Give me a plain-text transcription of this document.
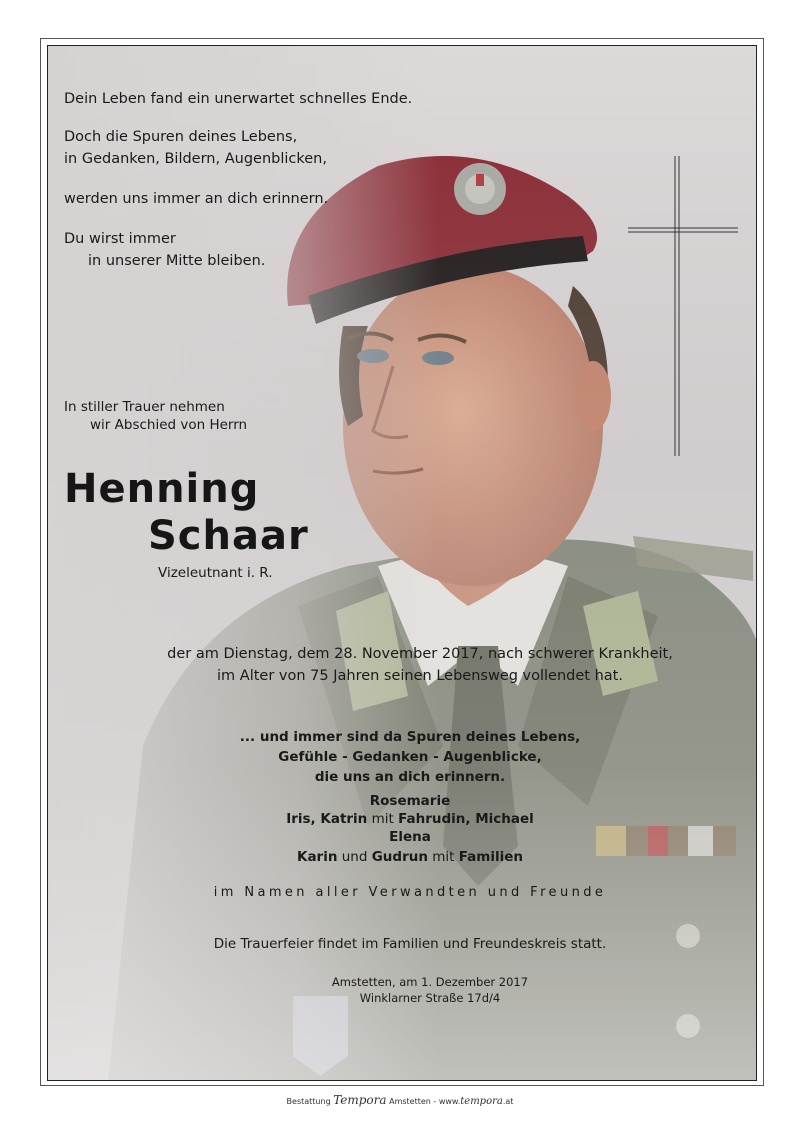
Dein Leben fand ein unerwartet schnelles Ende.
Doch die Spuren deines Lebens,
in Gedanken, Bildern, Augenblicken,
werden uns immer an dich erinnern.
Du wirst immer
in unserer Mitte bleiben.
In stiller Trauer nehmen
wir Abschied von Herrn
Henning
Schaar
Vizeleutnant i. R.
der am Dienstag, dem 28. November 2017, nach schwerer Krankheit,
im Alter von 75 Jahren seinen Lebensweg vollendet hat.
... und immer sind da Spuren deines Lebens,
Gefühle - Gedanken - Augenblicke,
die uns an dich erinnern.
Rosemarie
Iris, Katrin mit Fahrudin, Michael
Elena
Karin und Gudrun mit Familien
im Namen aller Verwandten und Freunde
Die Trauerfeier findet im Familien und Freundeskreis statt.
Amstetten, am 1. Dezember 2017
Winklarner Straße 17d/4
Bestattung Tempora Amstetten - www.tempora.at
